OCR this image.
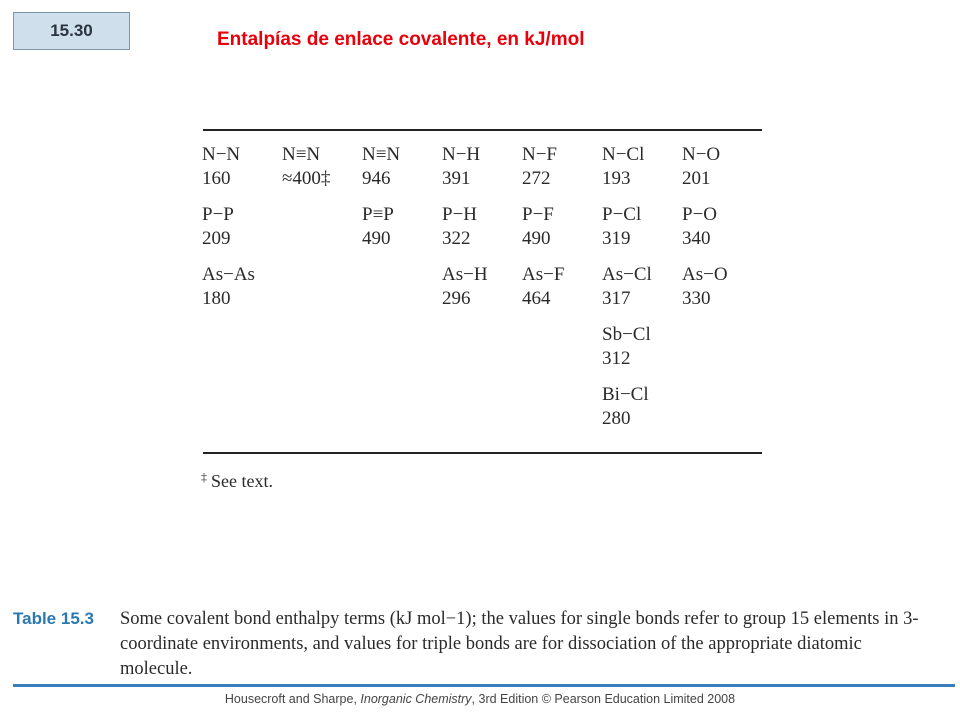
15.30	Entalpías de enlace covalente, en kJ/mol
N−N
160
N≡N
≈400‡
N≡N
946
N−H
391
N−F
272
N−Cl
193
N−O
201
P−P
209
P≡P
490
P−H
322
P−F
490
P−Cl
319
P−O
340
As−As
180
As−H
296
As−F
464
As−Cl
317
As−O
330
Sb−Cl
312
Bi−Cl
280
‡ See text.
Table 15.3 Some covalent bond enthalpy terms (kJ mol−1); the values for single bonds refer to group 15 elements in 3- coordinate environments, and values for triple bonds are for dissociation of the appropriate diatomic molecule.
Housecroft and Sharpe, Inorganic Chemistry, 3rd Edition © Pearson Education Limited 2008
